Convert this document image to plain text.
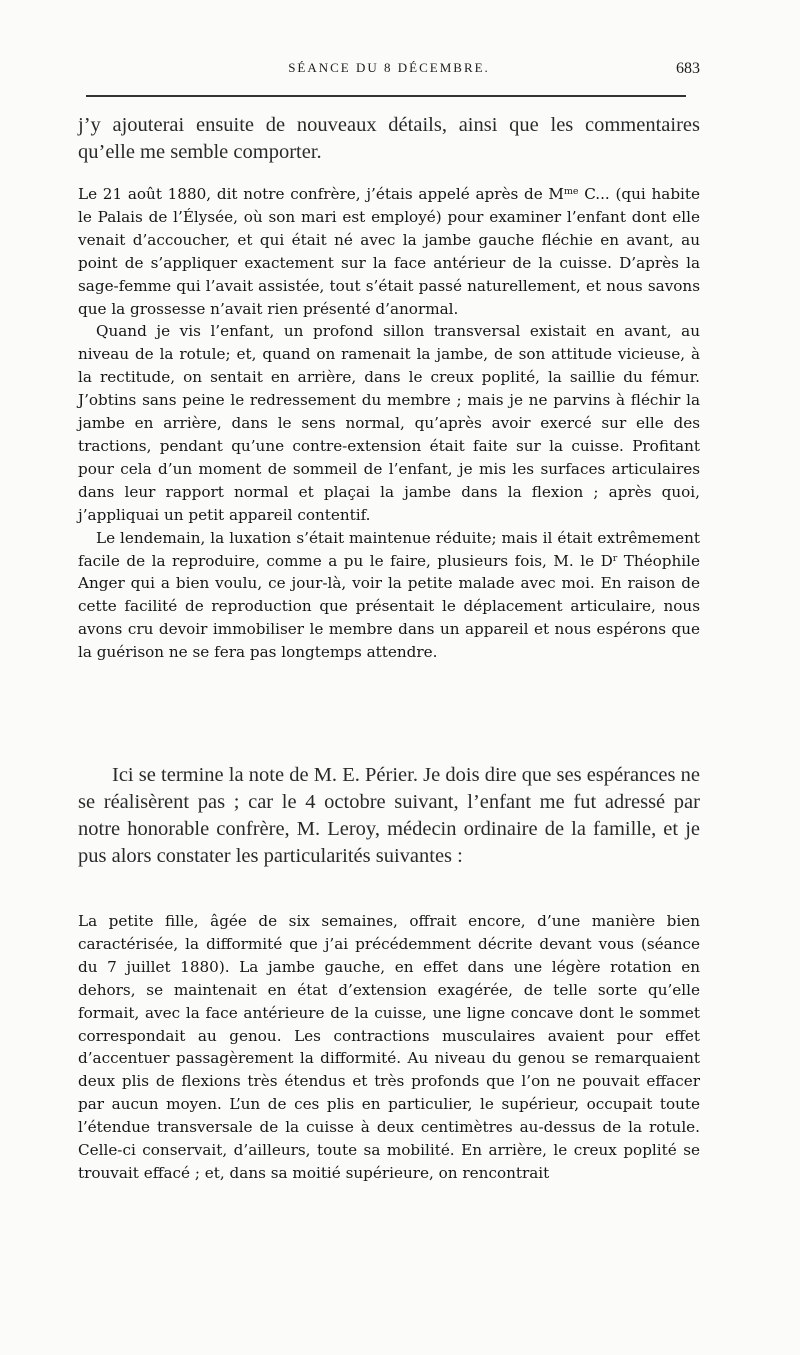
SÉANCE DU 8 DÉCEMBRE.	683

j’y ajouterai ensuite de nouveaux détails, ainsi que les commentaires qu’elle me semble comporter.

Le 21 août 1880, dit notre confrère, j’étais appelé après de $M^{me}$ C... (qui habite le Palais de l’Élysée, où son mari est employé) pour examiner l’enfant dont elle venait d’accoucher, et qui était né avec la jambe gauche fléchie en avant, au point de s’appliquer exactement sur la face antérieur de la cuisse. D’après la sage-femme qui l’avait assistée, tout s’était passé naturellement, et nous savons que la grossesse n’avait rien présenté d’anormal.

Quand je vis l’enfant, un profond sillon transversal existait en avant, au niveau de la rotule; et, quand on ramenait la jambe, de son attitude vicieuse, à la rectitude, on sentait en arrière, dans le creux poplité, la saillie du fémur. J’obtins sans peine le redressement du membre ; mais je ne parvins à fléchir la jambe en arrière, dans le sens normal, qu’après avoir exercé sur elle des tractions, pendant qu’une contre-extension était faite sur la cuisse. Profitant pour cela d’un moment de sommeil de l’enfant, je mis les surfaces articulaires dans leur rapport normal et plaçai la jambe dans la flexion ; après quoi, j’appliquai un petit appareil contentif.

Le lendemain, la luxation s’était maintenue réduite; mais il était extrêmement facile de la reproduire, comme a pu le faire, plusieurs fois, M. le $D^r$ Théophile Anger qui a bien voulu, ce jour-là, voir la petite malade avec moi. En raison de cette facilité de reproduction que présentait le déplacement articulaire, nous avons cru devoir immobiliser le membre dans un appareil et nous espérons que la guérison ne se fera pas longtemps attendre.

Ici se termine la note de M. E. Périer. Je dois dire que ses espérances ne se réalisèrent pas ; car le 4 octobre suivant, l’enfant me fut adressé par notre honorable confrère, M. Leroy, médecin ordinaire de la famille, et je pus alors constater les particularités suivantes :

La petite fille, âgée de six semaines, offrait encore, d’une manière bien caractérisée, la difformité que j’ai précédemment décrite devant vous (séance du 7 juillet 1880). La jambe gauche, en effet dans une légère rotation en dehors, se maintenait en état d’extension exagérée, de telle sorte qu’elle formait, avec la face antérieure de la cuisse, une ligne concave dont le sommet correspondait au genou. Les contractions musculaires avaient pour effet d’accentuer passagèrement la difformité. Au niveau du genou se remarquaient deux plis de flexions très étendus et très profonds que l’on ne pouvait effacer par aucun moyen. L’un de ces plis en particulier, le supérieur, occupait toute l’étendue transversale de la cuisse à deux centimètres au-dessus de la rotule. Celle-ci conservait, d’ailleurs, toute sa mobilité. En arrière, le creux poplité se trouvait effacé ; et, dans sa moitié supérieure, on rencontrait
